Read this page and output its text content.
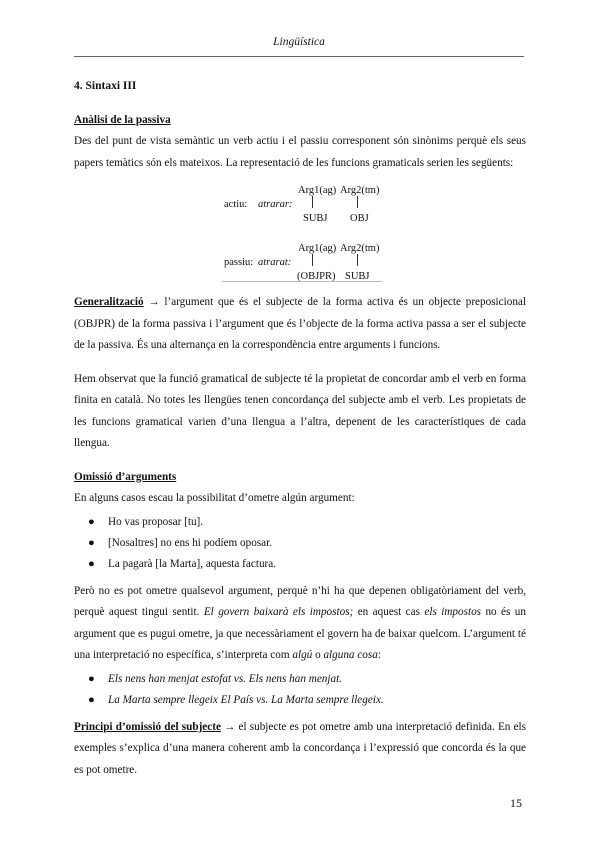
Lingüística
4. Sintaxi III
Anàlisi de la passiva

Des del punt de vista semàntic un verb actiu i el passiu corresponent són sinònims perquè els seus papers temàtics són els mateixos. La representació de les funcions gramaticals serien les següents:

actiu: atrarar:
Arg1(ag) Arg2(tm)
SUBJ OBJ
passiu: atrarat:
Arg1(ag) Arg2(tm)
(OBJPR) SUBJ

Generalització → l’argument que és el subjecte de la forma activa és un objecte preposicional (OBJPR) de la forma passiva i l’argument que és l’objecte de la forma activa passa a ser el subjecte de la passiva. És una alternança en la correspondència entre arguments i funcions.

Hem observat que la funció gramatical de subjecte té la propietat de concordar amb el verb en forma finita en català. No totes les llengües tenen concordança del subjecte amb el verb. Les propietats de les funcions gramatical varien d’una llengua a l’altra, depenent de les característiques de cada llengua.

Omissió d’arguments

En alguns casos escau la possibilitat d’ometre algún argument:

● Ho vas proposar [tu].
● [Nosaltres] no ens hi podíem oposar.
● La pagarà [la Marta], aquesta factura.

Però no es pot ometre qualsevol argument, perquè n’hi ha que depenen obligatòriament del verb, perquè aquest tingui sentit. El govern baixarà els impostos; en aquest cas els impostos no és un argument que es pugui ometre, ja que necessàriament el govern ha de baixar quelcom. L’argument té una interpretació no específica, s’interpreta com algú o alguna cosa:

● Els nens han menjat estofat vs. Els nens han menjat.
● La Marta sempre llegeix El País vs. La Marta sempre llegeix.

Principi d’omissió del subjecte → el subjecte es pot ometre amb una interpretació definida. En els exemples s’explica d’una manera coherent amb la concordança i l’expressió que concorda és la que es pot ometre.

15
